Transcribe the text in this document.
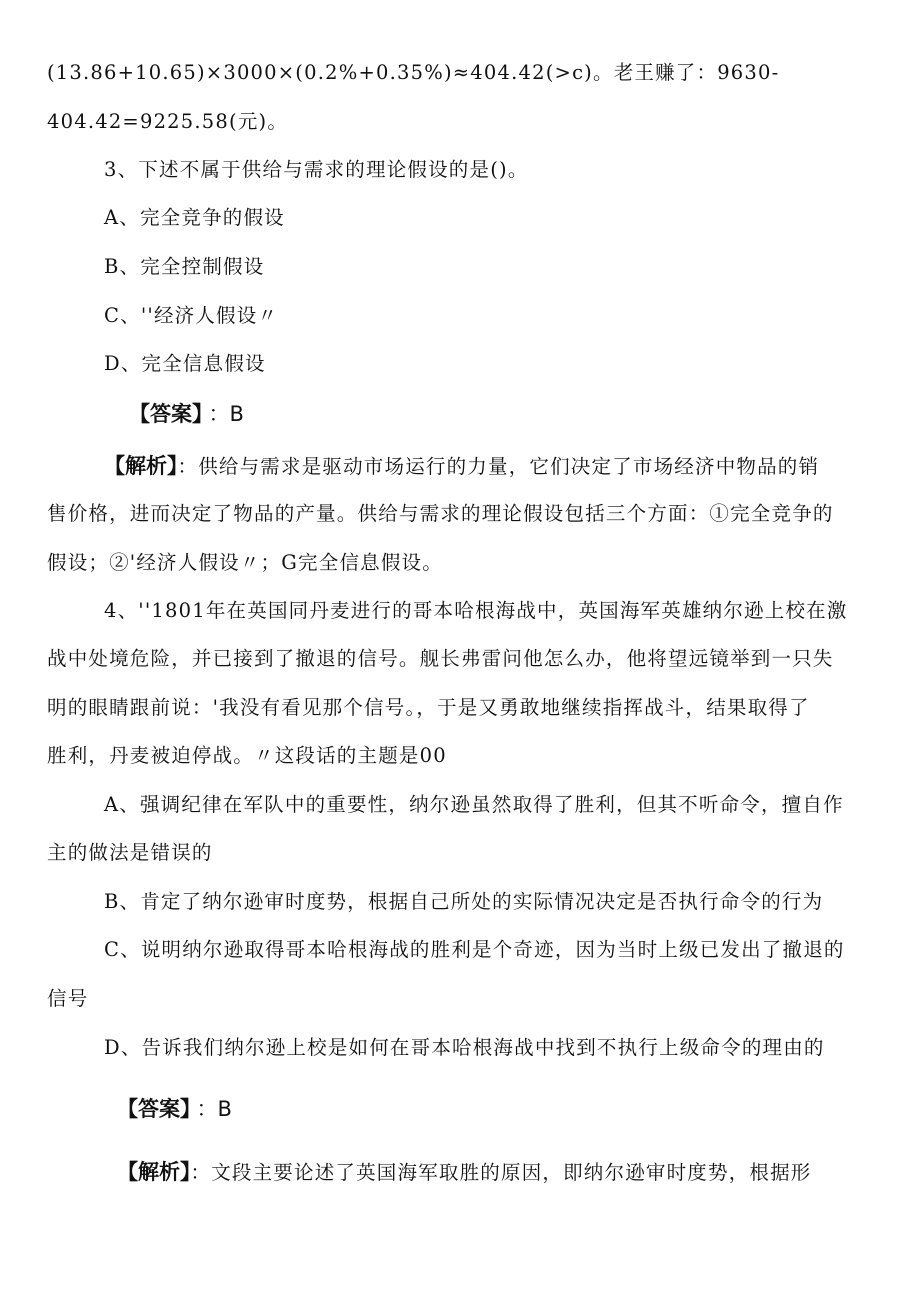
(13.86+10.65)×3000×(0.2%+0.35%)≈404.42(>c)。老王赚了：9630-
404.42=9225.58(元)。
3、下述不属于供给与需求的理论假设的是()。
A、完全竞争的假设
B、完全控制假设
C、''经济人假设〃
D、完全信息假设
【答案】 ：B
【解析】：供给与需求是驱动市场运行的力量，它们决定了市场经济中物品的销
售价格，进而决定了物品的产量。供给与需求的理论假设包括三个方面：①完全竞争的
假设；②'经济人假设〃；G完全信息假设。
4、''1801年在英国同丹麦进行的哥本哈根海战中，英国海军英雄纳尔逊上校在激
战中处境危险，并已接到了撤退的信号。舰长弗雷问他怎么办，他将望远镜举到一只失
明的眼睛跟前说：'我没有看见那个信号。，于是又勇敢地继续指挥战斗，结果取得了
胜利，丹麦被迫停战。〃这段话的主题是00
A、强调纪律在军队中的重要性，纳尔逊虽然取得了胜利，但其不听命令，擅自作
主的做法是错误的
B、肯定了纳尔逊审时度势，根据自己所处的实际情况决定是否执行命令的行为
C、说明纳尔逊取得哥本哈根海战的胜利是个奇迹，因为当时上级已发出了撤退的
信号
D、告诉我们纳尔逊上校是如何在哥本哈根海战中找到不执行上级命令的理由的
【答案】 ：B
【解析】：文段主要论述了英国海军取胜的原因，即纳尔逊审时度势，根据形
